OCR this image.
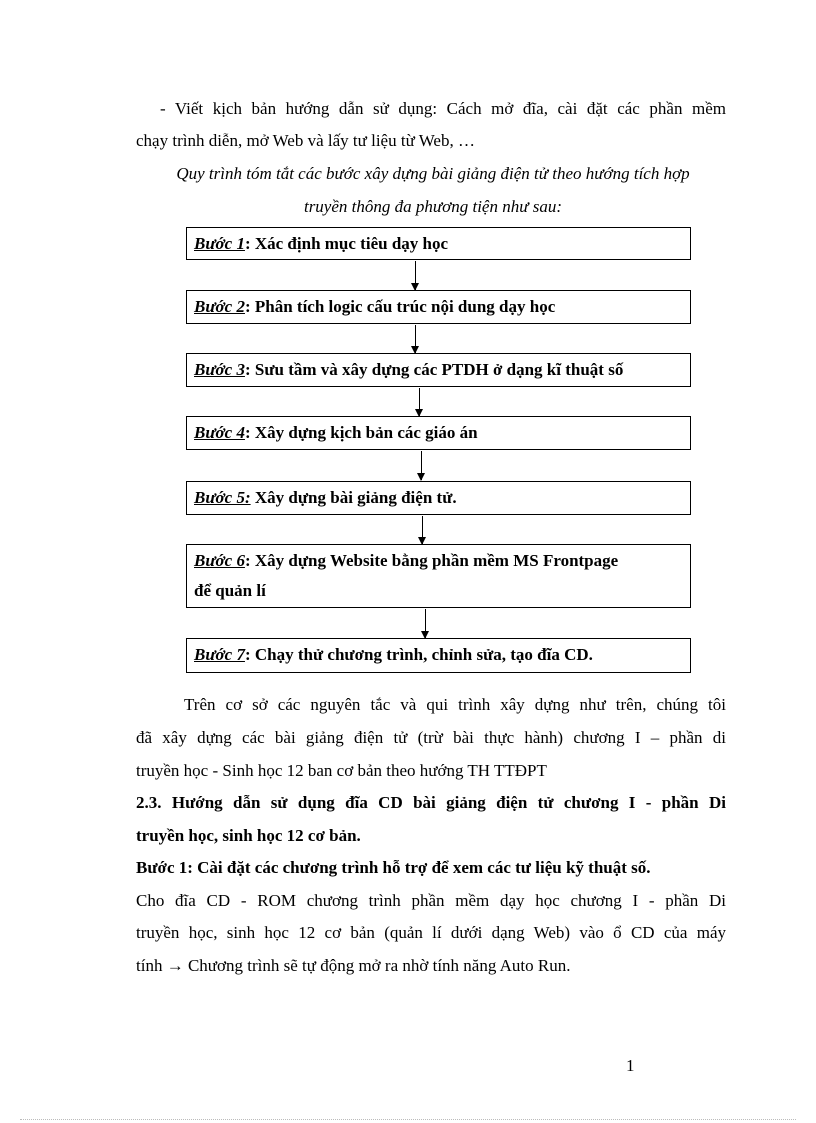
- Viết kịch bản hướng dẫn sử dụng: Cách mở đĩa, cài đặt các phần mềm
chạy trình diễn, mở Web và lấy tư liệu từ Web, …
Quy trình tóm tắt các bước xây dựng bài giảng điện tử theo hướng tích hợp
truyền thông đa phương tiện như sau:
Bước 1: Xác định mục tiêu dạy học
Bước 2: Phân tích logic cấu trúc nội dung dạy học
Bước 3: Sưu tầm và xây dựng các PTDH ở dạng kĩ thuật số
Bước 4: Xây dựng kịch bản các giáo án
Bước 5: Xây dựng bài giảng điện tử.
Bước 6: Xây dựng Website bằng phần mềm MS Frontpage
để quản lí
Bước 7: Chạy thử chương trình, chỉnh sửa, tạo đĩa CD.
Trên cơ sở các nguyên tắc và qui trình xây dựng như trên, chúng tôi
đã xây dựng các bài giảng điện tử (trừ bài thực hành) chương I – phần di
truyền học - Sinh học 12 ban cơ bản theo hướng TH TTĐPT
2.3. Hướng dẫn sử dụng đĩa CD bài giảng điện tử chương I - phần Di
truyền học, sinh học 12 cơ bản.
Bước 1: Cài đặt các chương trình hỗ trợ để xem các tư liệu kỹ thuật số.
Cho đĩa CD - ROM chương trình phần mềm dạy học chương I - phần Di
truyền học, sinh học 12 cơ bản (quản lí dưới dạng Web) vào ổ CD của máy
tính → Chương trình sẽ tự động mở ra nhờ tính năng Auto Run.
1
